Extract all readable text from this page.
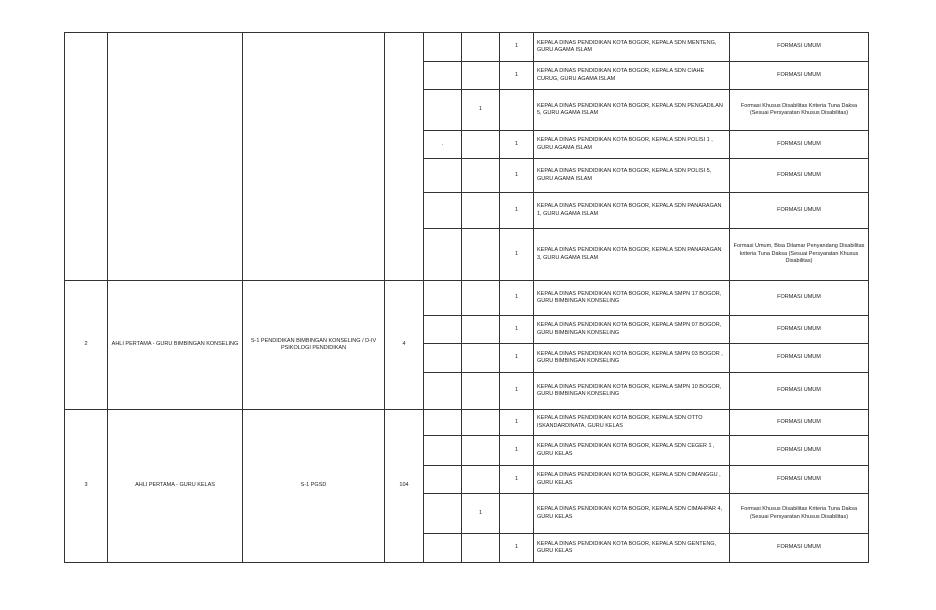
						1	KEPALA DINAS PENDIDIKAN KOTA BOGOR, KEPALA SDN MENTENG, GURU AGAMA ISLAM	FORMASI UMUM
						1	KEPALA DINAS PENDIDIKAN KOTA BOGOR, KEPALA SDN CIAHE CURUG, GURU AGAMA ISLAM	FORMASI UMUM
					1		KEPALA DINAS PENDIDIKAN KOTA BOGOR, KEPALA SDN PENGADILAN 5, GURU AGAMA ISLAM	Formasi Khusus Disabilitas Kriteria Tuna Daksa (Sesuai Persyaratan Khusus Disabilitas)
				.		1	KEPALA DINAS PENDIDIKAN KOTA BOGOR, KEPALA SDN POLISI 1 , GURU AGAMA ISLAM	FORMASI UMUM
						1	KEPALA DINAS PENDIDIKAN KOTA BOGOR, KEPALA SDN POLISI 5, GURU AGAMA ISLAM	FORMASI UMUM
						1	KEPALA DINAS PENDIDIKAN KOTA BOGOR, KEPALA SDN PANARAGAN 1, GURU AGAMA ISLAM	FORMASI UMUM
						1	KEPALA DINAS PENDIDIKAN KOTA BOGOR, KEPALA SDN PANARAGAN 3, GURU AGAMA ISLAM	Formasi Umum, Bisa Dilamar Penyandang Disabilitas kriteria Tuna Daksa (Sesuai Persyaratan Khusus Disabilitas)
2	AHLI PERTAMA - GURU BIMBINGAN KONSELING	S-1 PENDIDIKAN BIMBINGAN KONSELING / D-IV PSIKOLOGI PENDIDIKAN	4			1	KEPALA DINAS PENDIDIKAN KOTA BOGOR, KEPALA SMPN 17 BOGOR, GURU BIMBINGAN KONSELING	FORMASI UMUM
						1	KEPALA DINAS PENDIDIKAN KOTA BOGOR, KEPALA SMPN 07 BOGOR, GURU BIMBINGAN KONSELING	FORMASI UMUM
						1	KEPALA DINAS PENDIDIKAN KOTA BOGOR, KEPALA SMPN 03 BOGOR , GURU BIMBINGAN KONSELING	FORMASI UMUM
						1	KEPALA DINAS PENDIDIKAN KOTA BOGOR, KEPALA SMPN 10 BOGOR, GURU BIMBINGAN KONSELING	FORMASI UMUM
3	AHLI PERTAMA - GURU KELAS	S-1 PGSD	104			1	KEPALA DINAS PENDIDIKAN KOTA BOGOR, KEPALA SDN OTTO ISKANDARDINATA, GURU KELAS	FORMASI UMUM
						1	KEPALA DINAS PENDIDIKAN KOTA BOGOR, KEPALA SDN CEGER 1 , GURU KELAS	FORMASI UMUM
						1	KEPALA DINAS PENDIDIKAN KOTA BOGOR, KEPALA SDN CIMANGGU , GURU KELAS	FORMASI UMUM
					1		KEPALA DINAS PENDIDIKAN KOTA BOGOR, KEPALA SDN CIMAHPAR 4, GURU KELAS	Formasi Khusus Disabilitas Kriteria Tuna Daksa (Sesuai Persyaratan Khusus Disabilitas)
						1	KEPALA DINAS PENDIDIKAN KOTA BOGOR, KEPALA SDN GENTENG, GURU KELAS	FORMASI UMUM
